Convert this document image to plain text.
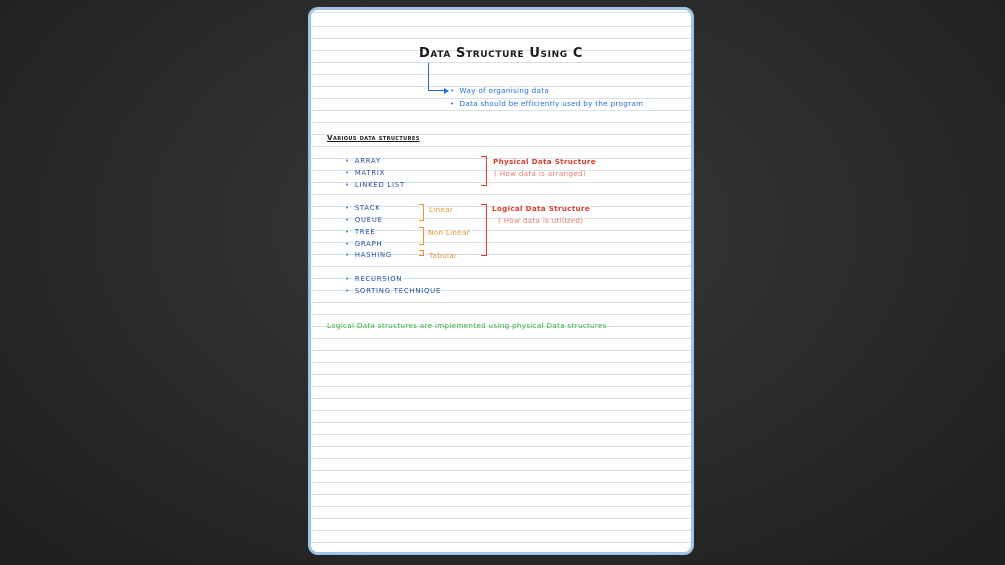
Data Structure Using C
• Way of organising data
• Data should be efficiently used by the program
Various data structures
• ARRAY
• MATRIX
• LINKED LIST
Physical Data Structure
( How data is arranged)
• STACK
• QUEUE
• TREE
• GRAPH
• HASHING
Linear
Non Linear
Tabular
Logical Data Structure
( How data is utilized)
• RECURSION
• SORTING TECHNIQUE
Logical Data structures are implemented using physical Data structures
